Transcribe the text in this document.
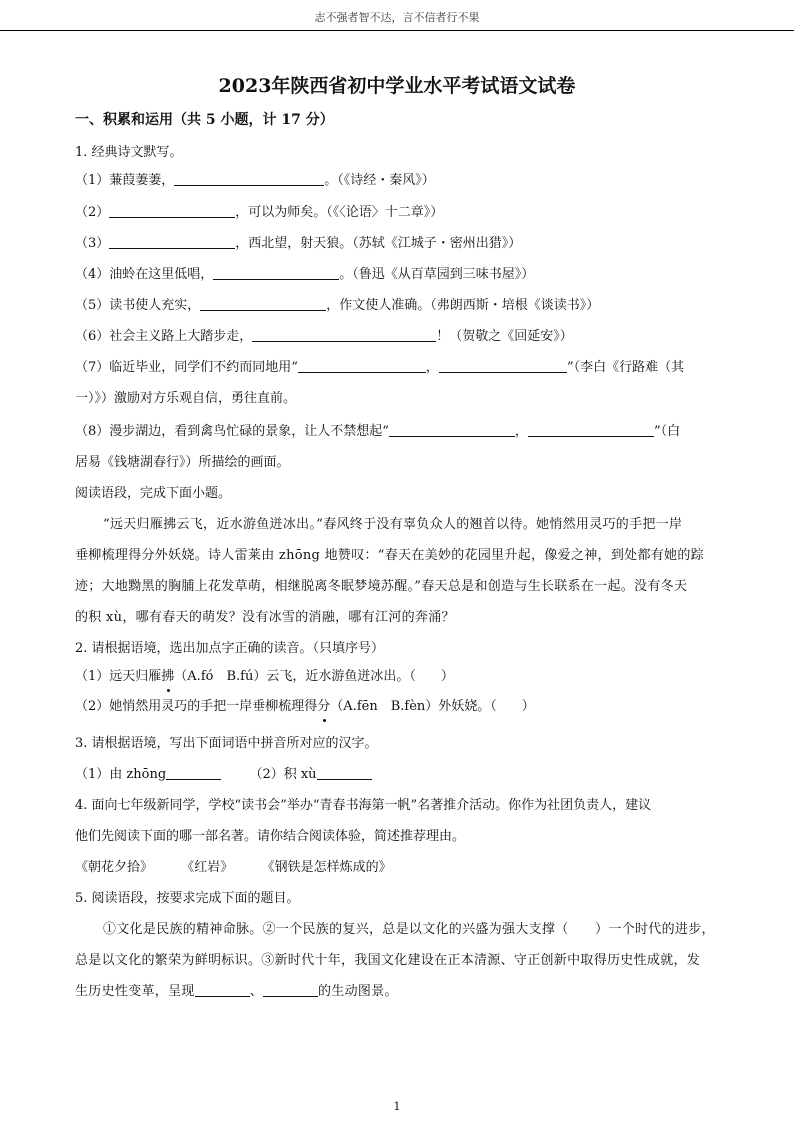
志不强者智不达，言不信者行不果
2023年陕西省初中学业水平考试语文试卷
一、积累和运用（共 5 小题，计 17 分）
1. 经典诗文默写。
（1）蒹葭萋萋，	。（《诗经・秦风》）
（2）	，可以为师矣。（《〈论语〉十二章》）
（3）	，西北望，射天狼。（苏轼《江城子・密州出猎》）
（4）油蛉在这里低唱，	。（鲁迅《从百草园到三味书屋》）
（5）读书使人充实，	，作文使人准确。（弗朗西斯・培根《谈读书》）
（6）社会主义路上大踏步走，	！（贺敬之《回延安》）
（7）临近毕业，同学们不约而同地用“	，	”（李白《行路难（其
一）》）激励对方乐观自信，勇往直前。
（8）漫步湖边，看到禽鸟忙碌的景象，让人不禁想起“	，	”（白
居易《钱塘湖春行》）所描绘的画面。
阅读语段，完成下面小题。
“远天归雁拂云飞，近水游鱼迸冰出。”春风终于没有辜负众人的翘首以待。她悄然用灵巧的手把一岸
垂柳梳理得分外妖娆。诗人雷莱由 zhōng 地赞叹：“春天在美妙的花园里升起，像爱之神，到处都有她的踪
迹；大地黝黑的胸脯上花发草萌，相继脱离冬眠梦境苏醒。”春天总是和创造与生长联系在一起。没有冬天
的积 xù，哪有春天的萌发？没有冰雪的消融，哪有江河的奔涌？
2. 请根据语境，选出加点字正确的读音。（只填序号）
（1）远天归雁拂（A.fó　B.fú）云飞，近水游鱼迸冰出。（ ）
（2）她悄然用灵巧的手把一岸垂柳梳理得分（A.fēn　B.fèn）外妖娆。（ ）
3. 请根据语境，写出下面词语中拼音所对应的汉字。
（1）由 zhōng	（2）积 xù
4. 面向七年级新同学，学校“读书会”举办“青春书海第一帆”名著推介活动。你作为社团负责人，建议
他们先阅读下面的哪一部名著。请你结合阅读体验，简述推荐理由。
《朝花夕拾》 《红岩》 《钢铁是怎样炼成的》
5. 阅读语段，按要求完成下面的题目。
①文化是民族的精神命脉。②一个民族的复兴，总是以文化的兴盛为强大支撑（　　）一个时代的进步，
总是以文化的繁荣为鲜明标识。③新时代十年，我国文化建设在正本清源、守正创新中取得历史性成就，发
生历史性变革，呈现	、	的生动图景。
1
